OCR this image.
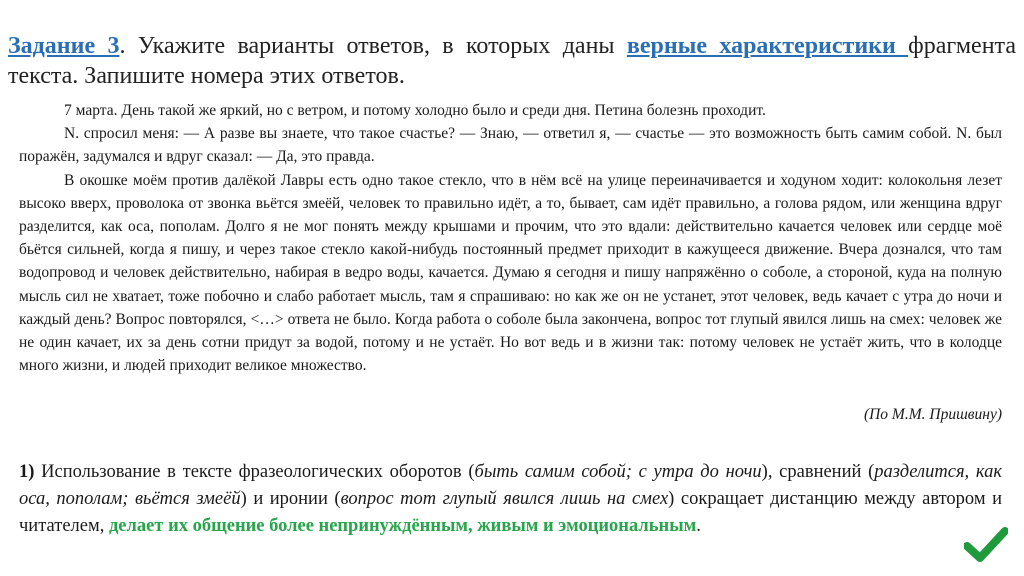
Задание 3. Укажите варианты ответов, в которых даны верные характеристики фрагмента текста. Запишите номера этих ответов.

7 марта. День такой же яркий, но с ветром, и потому холодно было и среди дня. Петина болезнь проходит.

N. спросил меня: — А разве вы знаете, что такое счастье? — Знаю, — ответил я, — счастье — это возможность быть самим собой. N. был поражён, задумался и вдруг сказал: — Да, это правда.

В окошке моём против далёкой Лавры есть одно такое стекло, что в нём всё на улице переиначивается и ходуном ходит: колокольня лезет высоко вверх, проволока от звонка вьётся змеёй, человек то правильно идёт, а то, бывает, сам идёт правильно, а голова рядом, или женщина вдруг разделится, как оса, пополам. Долго я не мог понять между крышами и прочим, что это вдали: действительно качается человек или сердце моё бьётся сильней, когда я пишу, и через такое стекло какой-нибудь постоянный предмет приходит в кажущееся движение. Вчера дознался, что там водопровод и человек действительно, набирая в ведро воды, качается. Думаю я сегодня и пишу напряжённо о соболе, а стороной, куда на полную мысль сил не хватает, тоже побочно и слабо работает мысль, там я спрашиваю: но как же он не устанет, этот человек, ведь качает с утра до ночи и каждый день? Вопрос повторялся, <…> ответа не было. Когда работа о соболе была закончена, вопрос тот глупый явился лишь на смех: человек же не один качает, их за день сотни придут за водой, потому и не устаёт. Но вот ведь и в жизни так: потому человек не устаёт жить, что в колодце много жизни, и людей приходит великое множество.

(По М.М. Пришвину)
1) Использование в тексте фразеологических оборотов (быть самим собой; с утра до ночи), сравнений (разделится, как оса, пополам; вьётся змеёй) и иронии (вопрос тот глупый явился лишь на смех) сокращает дистанцию между автором и читателем, делает их общение более непринуждённым, живым и эмоциональным.
